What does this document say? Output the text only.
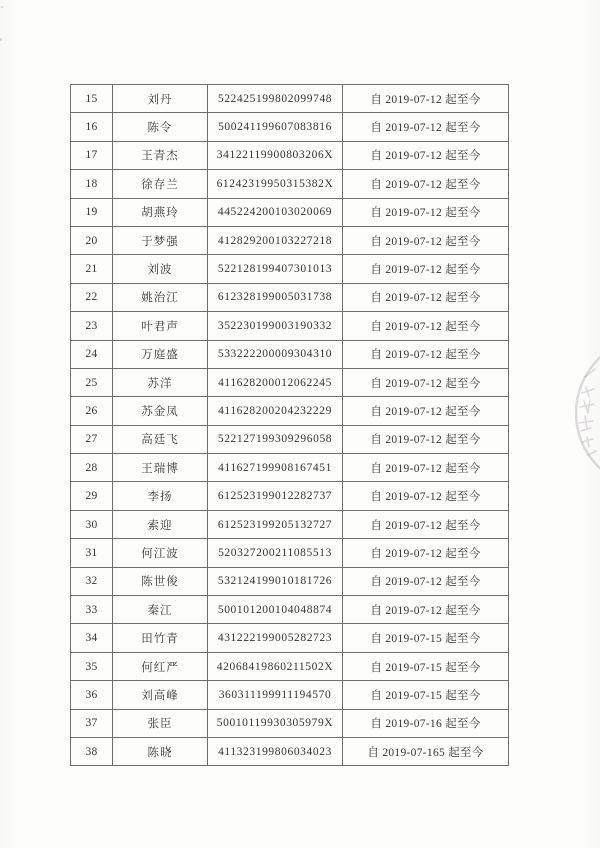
15	刘丹	522425199802099748	自 2019-07-12 起至今
16	陈令	500241199607083816	自 2019-07-12 起至今
17	王青杰	34122119900803206X	自 2019-07-12 起至今
18	徐存兰	61242319950315382X	自 2019-07-12 起至今
19	胡燕玲	445224200103020069	自 2019-07-12 起至今
20	于梦强	412829200103227218	自 2019-07-12 起至今
21	刘波	522128199407301013	自 2019-07-12 起至今
22	姚治江	612328199005031738	自 2019-07-12 起至今
23	叶君声	352230199003190332	自 2019-07-12 起至今
24	万庭盛	533222200009304310	自 2019-07-12 起至今
25	苏洋	411628200012062245	自 2019-07-12 起至今
26	苏金凤	411628200204232229	自 2019-07-12 起至今
27	高廷飞	522127199309296058	自 2019-07-12 起至今
28	王瑞博	411627199908167451	自 2019-07-12 起至今
29	李扬	612523199012282737	自 2019-07-12 起至今
30	索迎	612523199205132727	自 2019-07-12 起至今
31	何江波	520327200211085513	自 2019-07-12 起至今
32	陈世俊	532124199010181726	自 2019-07-12 起至今
33	秦江	500101200104048874	自 2019-07-12 起至今
34	田竹青	431222199005282723	自 2019-07-15 起至今
35	何红严	42068419860211502X	自 2019-07-15 起至今
36	刘高峰	360311199911194570	自 2019-07-15 起至今
37	张臣	50010119930305979X	自 2019-07-16 起至今
38	陈晓	411323199806034023	自 2019-07-165 起至今
